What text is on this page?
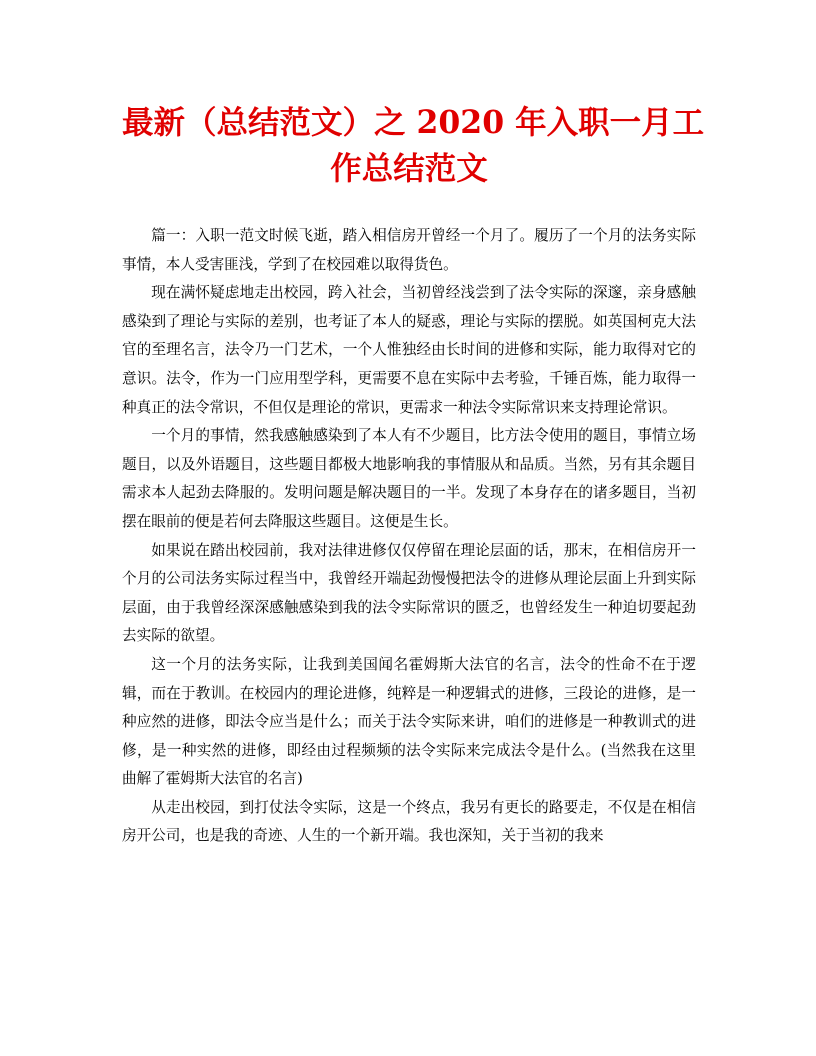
最新（总结范文）之 2020 年入职一月工
作总结范文

篇一：入职一范文时候飞逝，踏入相信房开曾经一个月了。履历了一个月的法务实际事情，本人受害匪浅，学到了在校园难以取得货色。

现在满怀疑虑地走出校园，跨入社会，当初曾经浅尝到了法令实际的深邃，亲身感触感染到了理论与实际的差别，也考证了本人的疑惑，理论与实际的摆脱。如英国柯克大法官的至理名言，法令乃一门艺术，一个人惟独经由长时间的进修和实际，能力取得对它的意识。法令，作为一门应用型学科，更需要不息在实际中去考验，千锤百炼，能力取得一种真正的法令常识，不但仅是理论的常识，更需求一种法令实际常识来支持理论常识。

一个月的事情，然我感触感染到了本人有不少题目，比方法令使用的题目，事情立场题目，以及外语题目，这些题目都极大地影响我的事情服从和品质。当然，另有其余题目需求本人起劲去降服的。发明问题是解决题目的一半。发现了本身存在的诸多题目，当初摆在眼前的便是若何去降服这些题目。这便是生长。

如果说在踏出校园前，我对法律进修仅仅停留在理论层面的话，那末，在相信房开一个月的公司法务实际过程当中，我曾经开端起劲慢慢把法令的进修从理论层面上升到实际层面，由于我曾经深深感触感染到我的法令实际常识的匮乏，也曾经发生一种迫切要起劲去实际的欲望。

这一个月的法务实际，让我到美国闻名霍姆斯大法官的名言，法令的性命不在于逻辑，而在于教训。在校园内的理论进修，纯粹是一种逻辑式的进修，三段论的进修，是一种应然的进修，即法令应当是什么；而关于法令实际来讲，咱们的进修是一种教训式的进修，是一种实然的进修，即经由过程频频的法令实际来完成法令是什么。(当然我在这里曲解了霍姆斯大法官的名言)

从走出校园，到打仗法令实际，这是一个终点，我另有更长的路要走，不仅是在相信房开公司，也是我的奇迹、人生的一个新开端。我也深知，关于当初的我来
